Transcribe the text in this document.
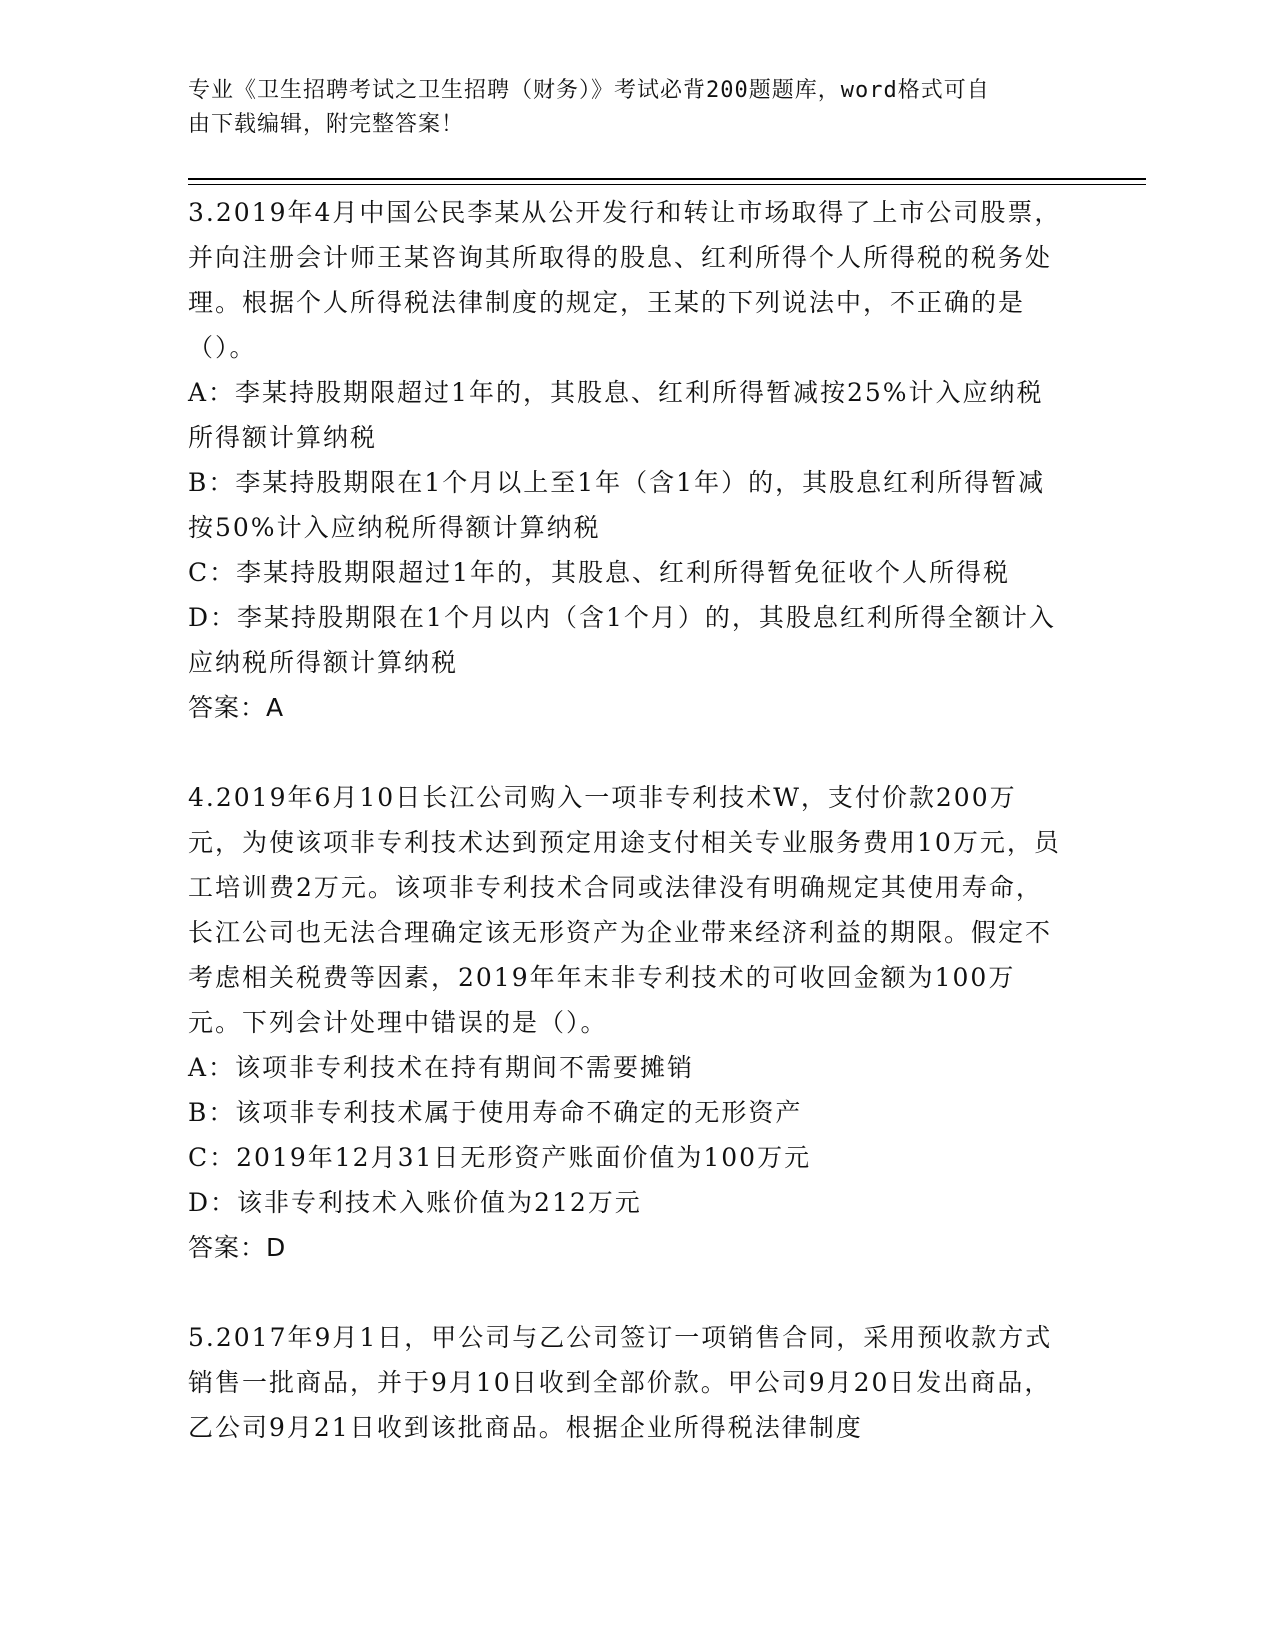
专业《卫生招聘考试之卫生招聘（财务）》考试必背200题题库，word格式可自
由下载编辑，附完整答案！

3.2019年4月中国公民李某从公开发行和转让市场取得了上市公司股票，并向注册会计师王某咨询其所取得的股息、红利所得个人所得税的税务处理。根据个人所得税法律制度的规定，王某的下列说法中，不正确的是（）。

A：李某持股期限超过1年的，其股息、红利所得暂减按25%计入应纳税所得额计算纳税

B：李某持股期限在1个月以上至1年（含1年）的，其股息红利所得暂减按50%计入应纳税所得额计算纳税

C：李某持股期限超过1年的，其股息、红利所得暂免征收个人所得税

D：李某持股期限在1个月以内（含1个月）的，其股息红利所得全额计入应纳税所得额计算纳税

答案：A

4.2019年6月10日长江公司购入一项非专利技术W，支付价款200万元，为使该项非专利技术达到预定用途支付相关专业服务费用10万元，员工培训费2万元。该项非专利技术合同或法律没有明确规定其使用寿命，长江公司也无法合理确定该无形资产为企业带来经济利益的期限。假定不考虑相关税费等因素，2019年年末非专利技术的可收回金额为100万元。下列会计处理中错误的是（）。

A：该项非专利技术在持有期间不需要摊销

B：该项非专利技术属于使用寿命不确定的无形资产

C：2019年12月31日无形资产账面价值为100万元

D：该非专利技术入账价值为212万元

答案：D

5.2017年9月1日，甲公司与乙公司签订一项销售合同，采用预收款方式销售一批商品，并于9月10日收到全部价款。甲公司9月20日发出商品，乙公司9月21日收到该批商品。根据企业所得税法律制度
